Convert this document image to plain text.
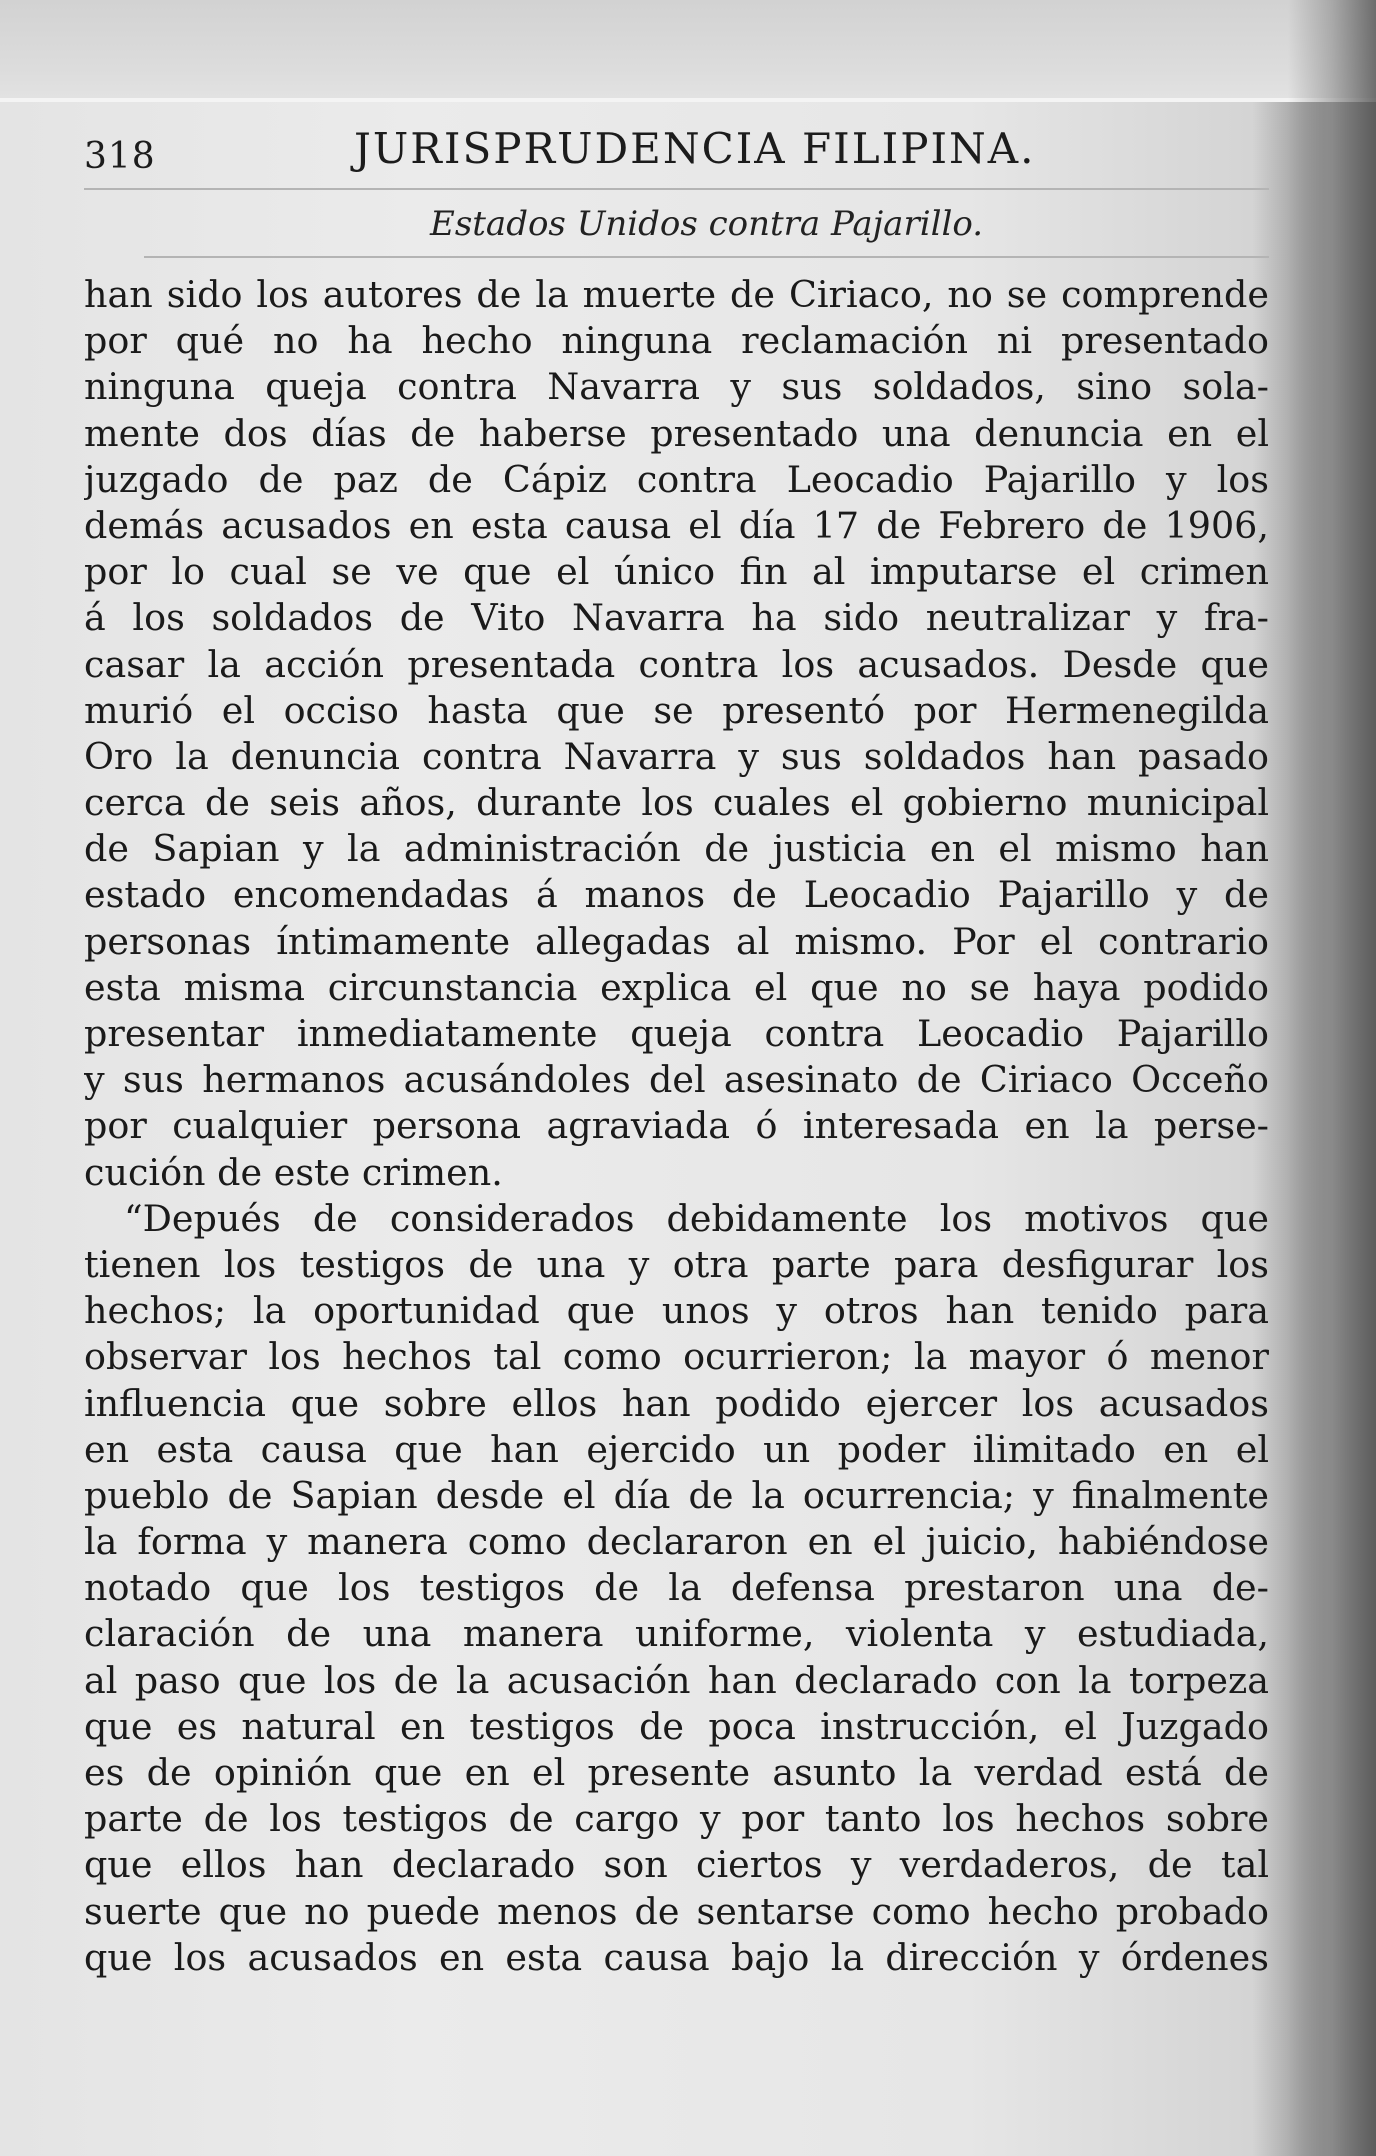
318	JURISPRUDENCIA FILIPINA.
Estados Unidos contra Pajarillo.
han sido los autores de la muerte de Ciriaco, no se comprende
por qué no ha hecho ninguna reclamación ni presentado
ninguna queja contra Navarra y sus soldados, sino sola-
mente dos días de haberse presentado una denuncia en el
juzgado de paz de Cápiz contra Leocadio Pajarillo y los
demás acusados en esta causa el día 17 de Febrero de 1906,
por lo cual se ve que el único fin al imputarse el crimen
á los soldados de Vito Navarra ha sido neutralizar y fra-
casar la acción presentada contra los acusados. Desde que
murió el occiso hasta que se presentó por Hermenegilda
Oro la denuncia contra Navarra y sus soldados han pasado
cerca de seis años, durante los cuales el gobierno municipal
de Sapian y la administración de justicia en el mismo han
estado encomendadas á manos de Leocadio Pajarillo y de
personas íntimamente allegadas al mismo. Por el contrario
esta misma circunstancia explica el que no se haya podido
presentar inmediatamente queja contra Leocadio Pajarillo
y sus hermanos acusándoles del asesinato de Ciriaco Occeño
por cualquier persona agraviada ó interesada en la perse-
cución de este crimen.
“Depués de considerados debidamente los motivos que
tienen los testigos de una y otra parte para desfigurar los
hechos; la oportunidad que unos y otros han tenido para
observar los hechos tal como ocurrieron; la mayor ó menor
influencia que sobre ellos han podido ejercer los acusados
en esta causa que han ejercido un poder ilimitado en el
pueblo de Sapian desde el día de la ocurrencia; y finalmente
la forma y manera como declararon en el juicio, habiéndose
notado que los testigos de la defensa prestaron una de-
claración de una manera uniforme, violenta y estudiada,
al paso que los de la acusación han declarado con la torpeza
que es natural en testigos de poca instrucción, el Juzgado
es de opinión que en el presente asunto la verdad está de
parte de los testigos de cargo y por tanto los hechos sobre
que ellos han declarado son ciertos y verdaderos, de tal
suerte que no puede menos de sentarse como hecho probado
que los acusados en esta causa bajo la dirección y órdenes
